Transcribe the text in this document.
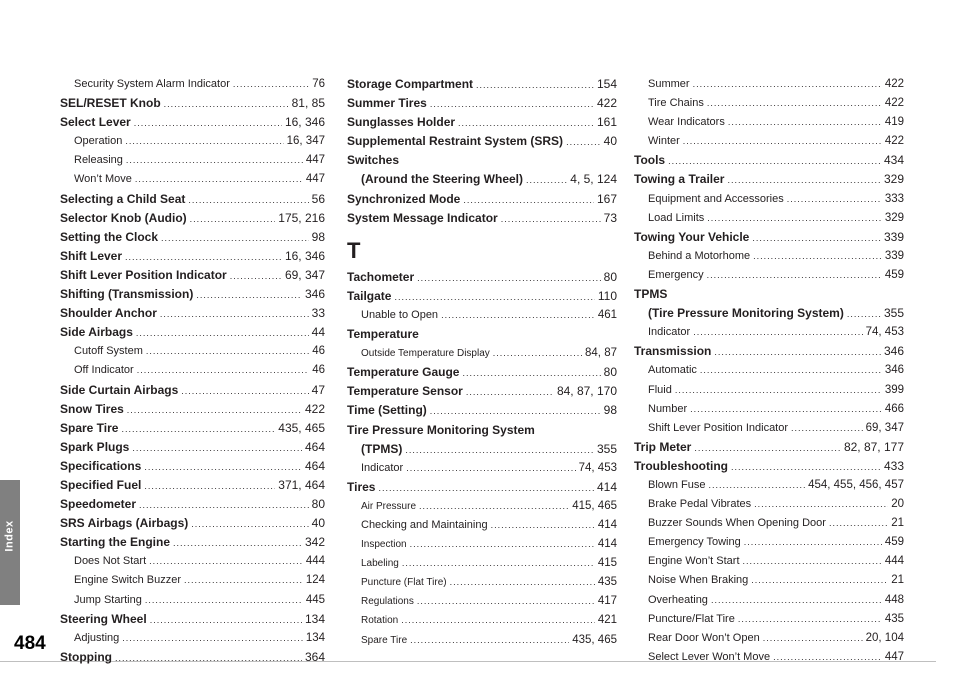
Index
484
Security System Alarm Indicator .....	76
SEL/RESET Knob .....	81, 85
Select Lever .....	16, 346
Operation .....	16, 347
Releasing .....	447
Won’t Move .....	447
Selecting a Child Seat .....	56
Selector Knob (Audio) .....	175, 216
Setting the Clock .....	98
Shift Lever .....	16, 346
Shift Lever Position Indicator .....	69, 347
Shifting (Transmission) .....	346
Shoulder Anchor .....	33
Side Airbags .....	44
Cutoff System .....	46
Off Indicator .....	46
Side Curtain Airbags .....	47
Snow Tires .....	422
Spare Tire .....	435, 465
Spark Plugs .....	464
Specifications .....	464
Specified Fuel .....	371, 464
Speedometer .....	80
SRS Airbags (Airbags) .....	40
Starting the Engine .....	342
Does Not Start .....	444
Engine Switch Buzzer .....	124
Jump Starting .....	445
Steering Wheel .....	134
Adjusting .....	134
Stopping .....	364
Storage Compartment .....	154
Summer Tires .....	422
Sunglasses Holder .....	161
Supplemental Restraint System (SRS) .....	40
Switches
(Around the Steering Wheel) .....	4, 5, 124
Synchronized Mode .....	167
System Message Indicator .....	73
T
Tachometer .....	80
Tailgate .....	110
Unable to Open .....	461
Temperature
Outside Temperature Display .....	84, 87
Temperature Gauge .....	80
Temperature Sensor .....	84, 87, 170
Time (Setting) .....	98
Tire Pressure Monitoring System
(TPMS) .....	355
Indicator .....	74, 453
Tires .....	414
Air Pressure .....	415, 465
Checking and Maintaining .....	414
Inspection .....	414
Labeling .....	415
Puncture (Flat Tire) .....	435
Regulations .....	417
Rotation .....	421
Spare Tire .....	435, 465
Summer .....	422
Tire Chains .....	422
Wear Indicators .....	419
Winter .....	422
Tools .....	434
Towing a Trailer .....	329
Equipment and Accessories .....	333
Load Limits .....	329
Towing Your Vehicle .....	339
Behind a Motorhome .....	339
Emergency .....	459
TPMS
(Tire Pressure Monitoring System) .....	355
Indicator .....	74, 453
Transmission .....	346
Automatic .....	346
Fluid .....	399
Number .....	466
Shift Lever Position Indicator .....	69, 347
Trip Meter .....	82, 87, 177
Troubleshooting .....	433
Blown Fuse .....	454, 455, 456, 457
Brake Pedal Vibrates .....	20
Buzzer Sounds When Opening Door .....	21
Emergency Towing .....	459
Engine Won’t Start .....	444
Noise When Braking .....	21
Overheating .....	448
Puncture/Flat Tire .....	435
Rear Door Won’t Open .....	20, 104
Select Lever Won’t Move .....	447
